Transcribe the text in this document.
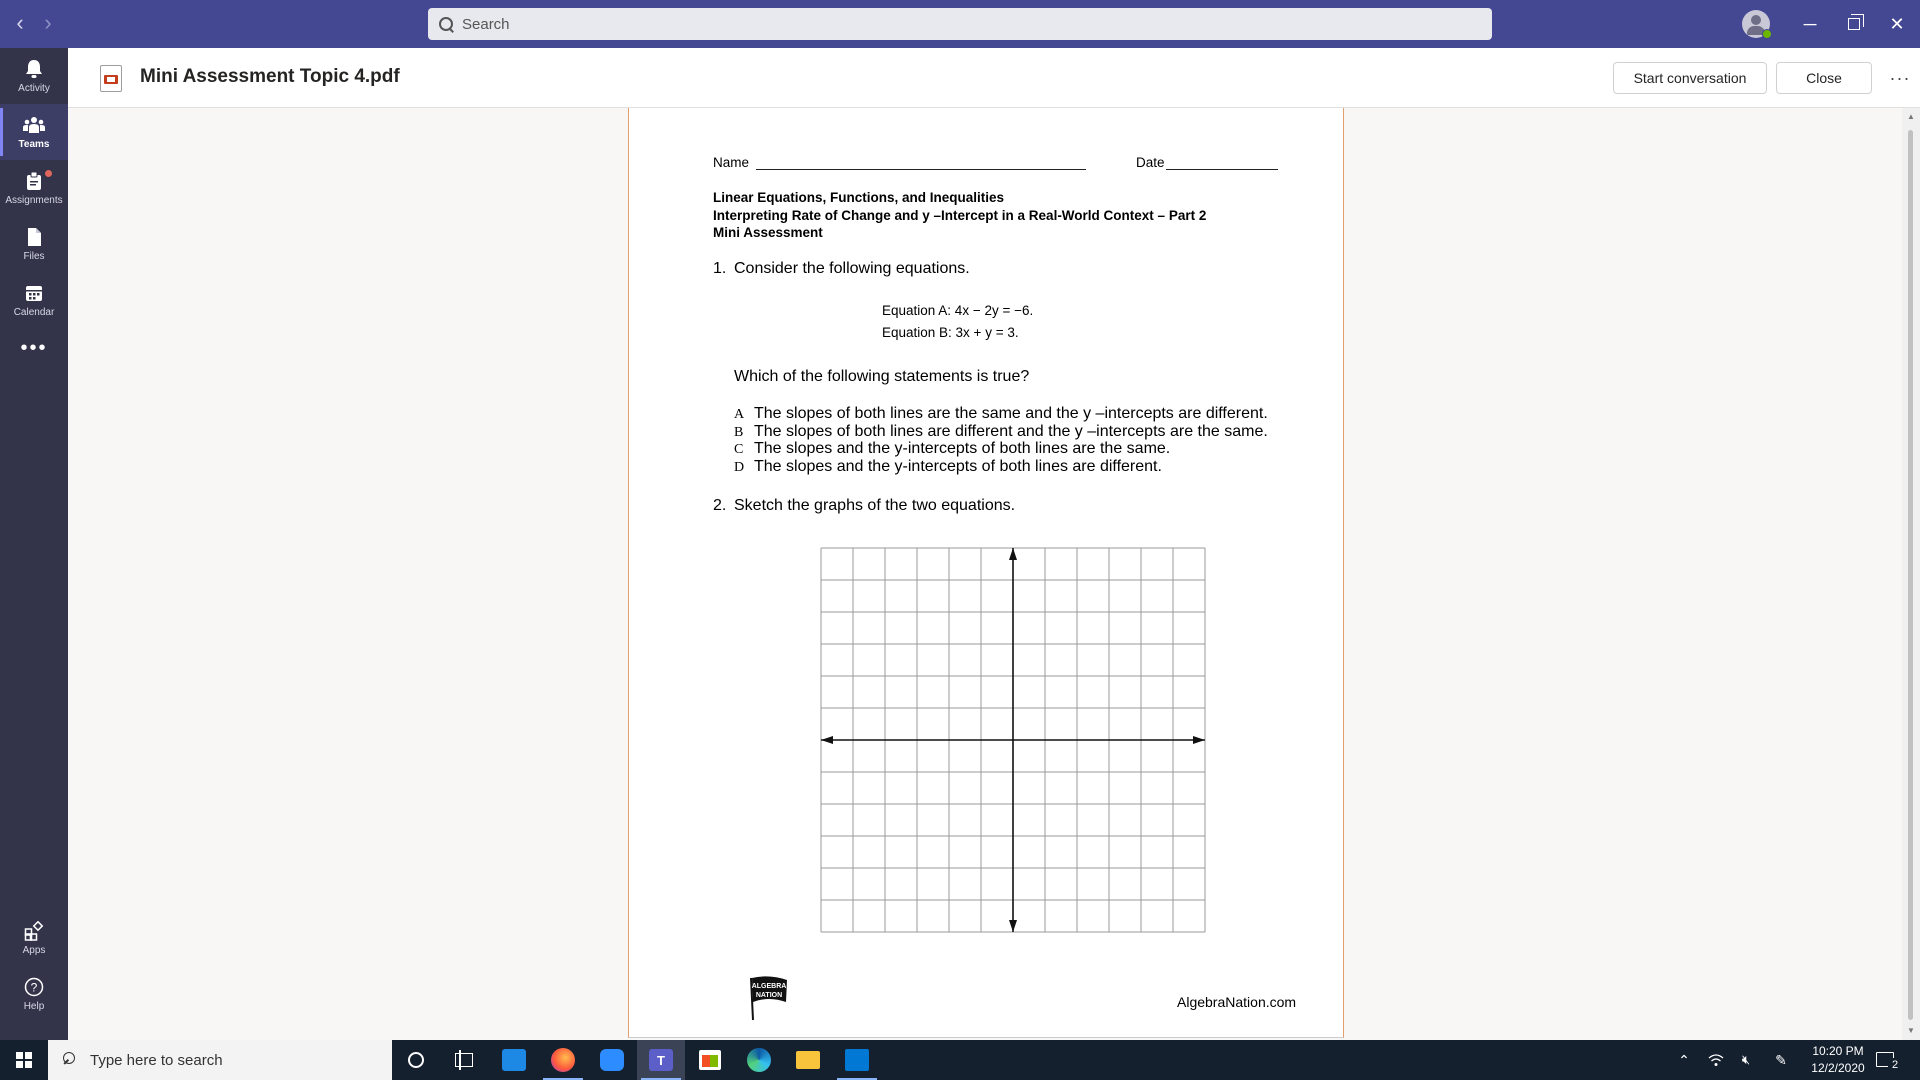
‹ ›
Search	─	✕
Activity
Teams
Assignments
Files
Calendar
•••
Apps
?
Help
Mini Assessment Topic 4.pdf	Start conversation	Close	···
Name	Date
Linear Equations, Functions, and Inequalities
Interpreting Rate of Change and y –Intercept in a Real-World Context – Part 2
Mini Assessment
1. Consider the following equations.
Equation A: 4x − 2y = −6.
Equation B: 3x + y = 3.
Which of the following statements is true?
A The slopes of both lines are the same and the y –intercepts are different.
B The slopes of both lines are different and the y –intercepts are the same.
C The slopes and the y-intercepts of both lines are the same.
D The slopes and the y-intercepts of both lines are different.
2. Sketch the graphs of the two equations.
ALGEBRA
NATION	AlgebraNation.com
▲
▼
Type here to search
T	⌃	🔇︎ ✎
10:20 PM
12/2/2020	2
